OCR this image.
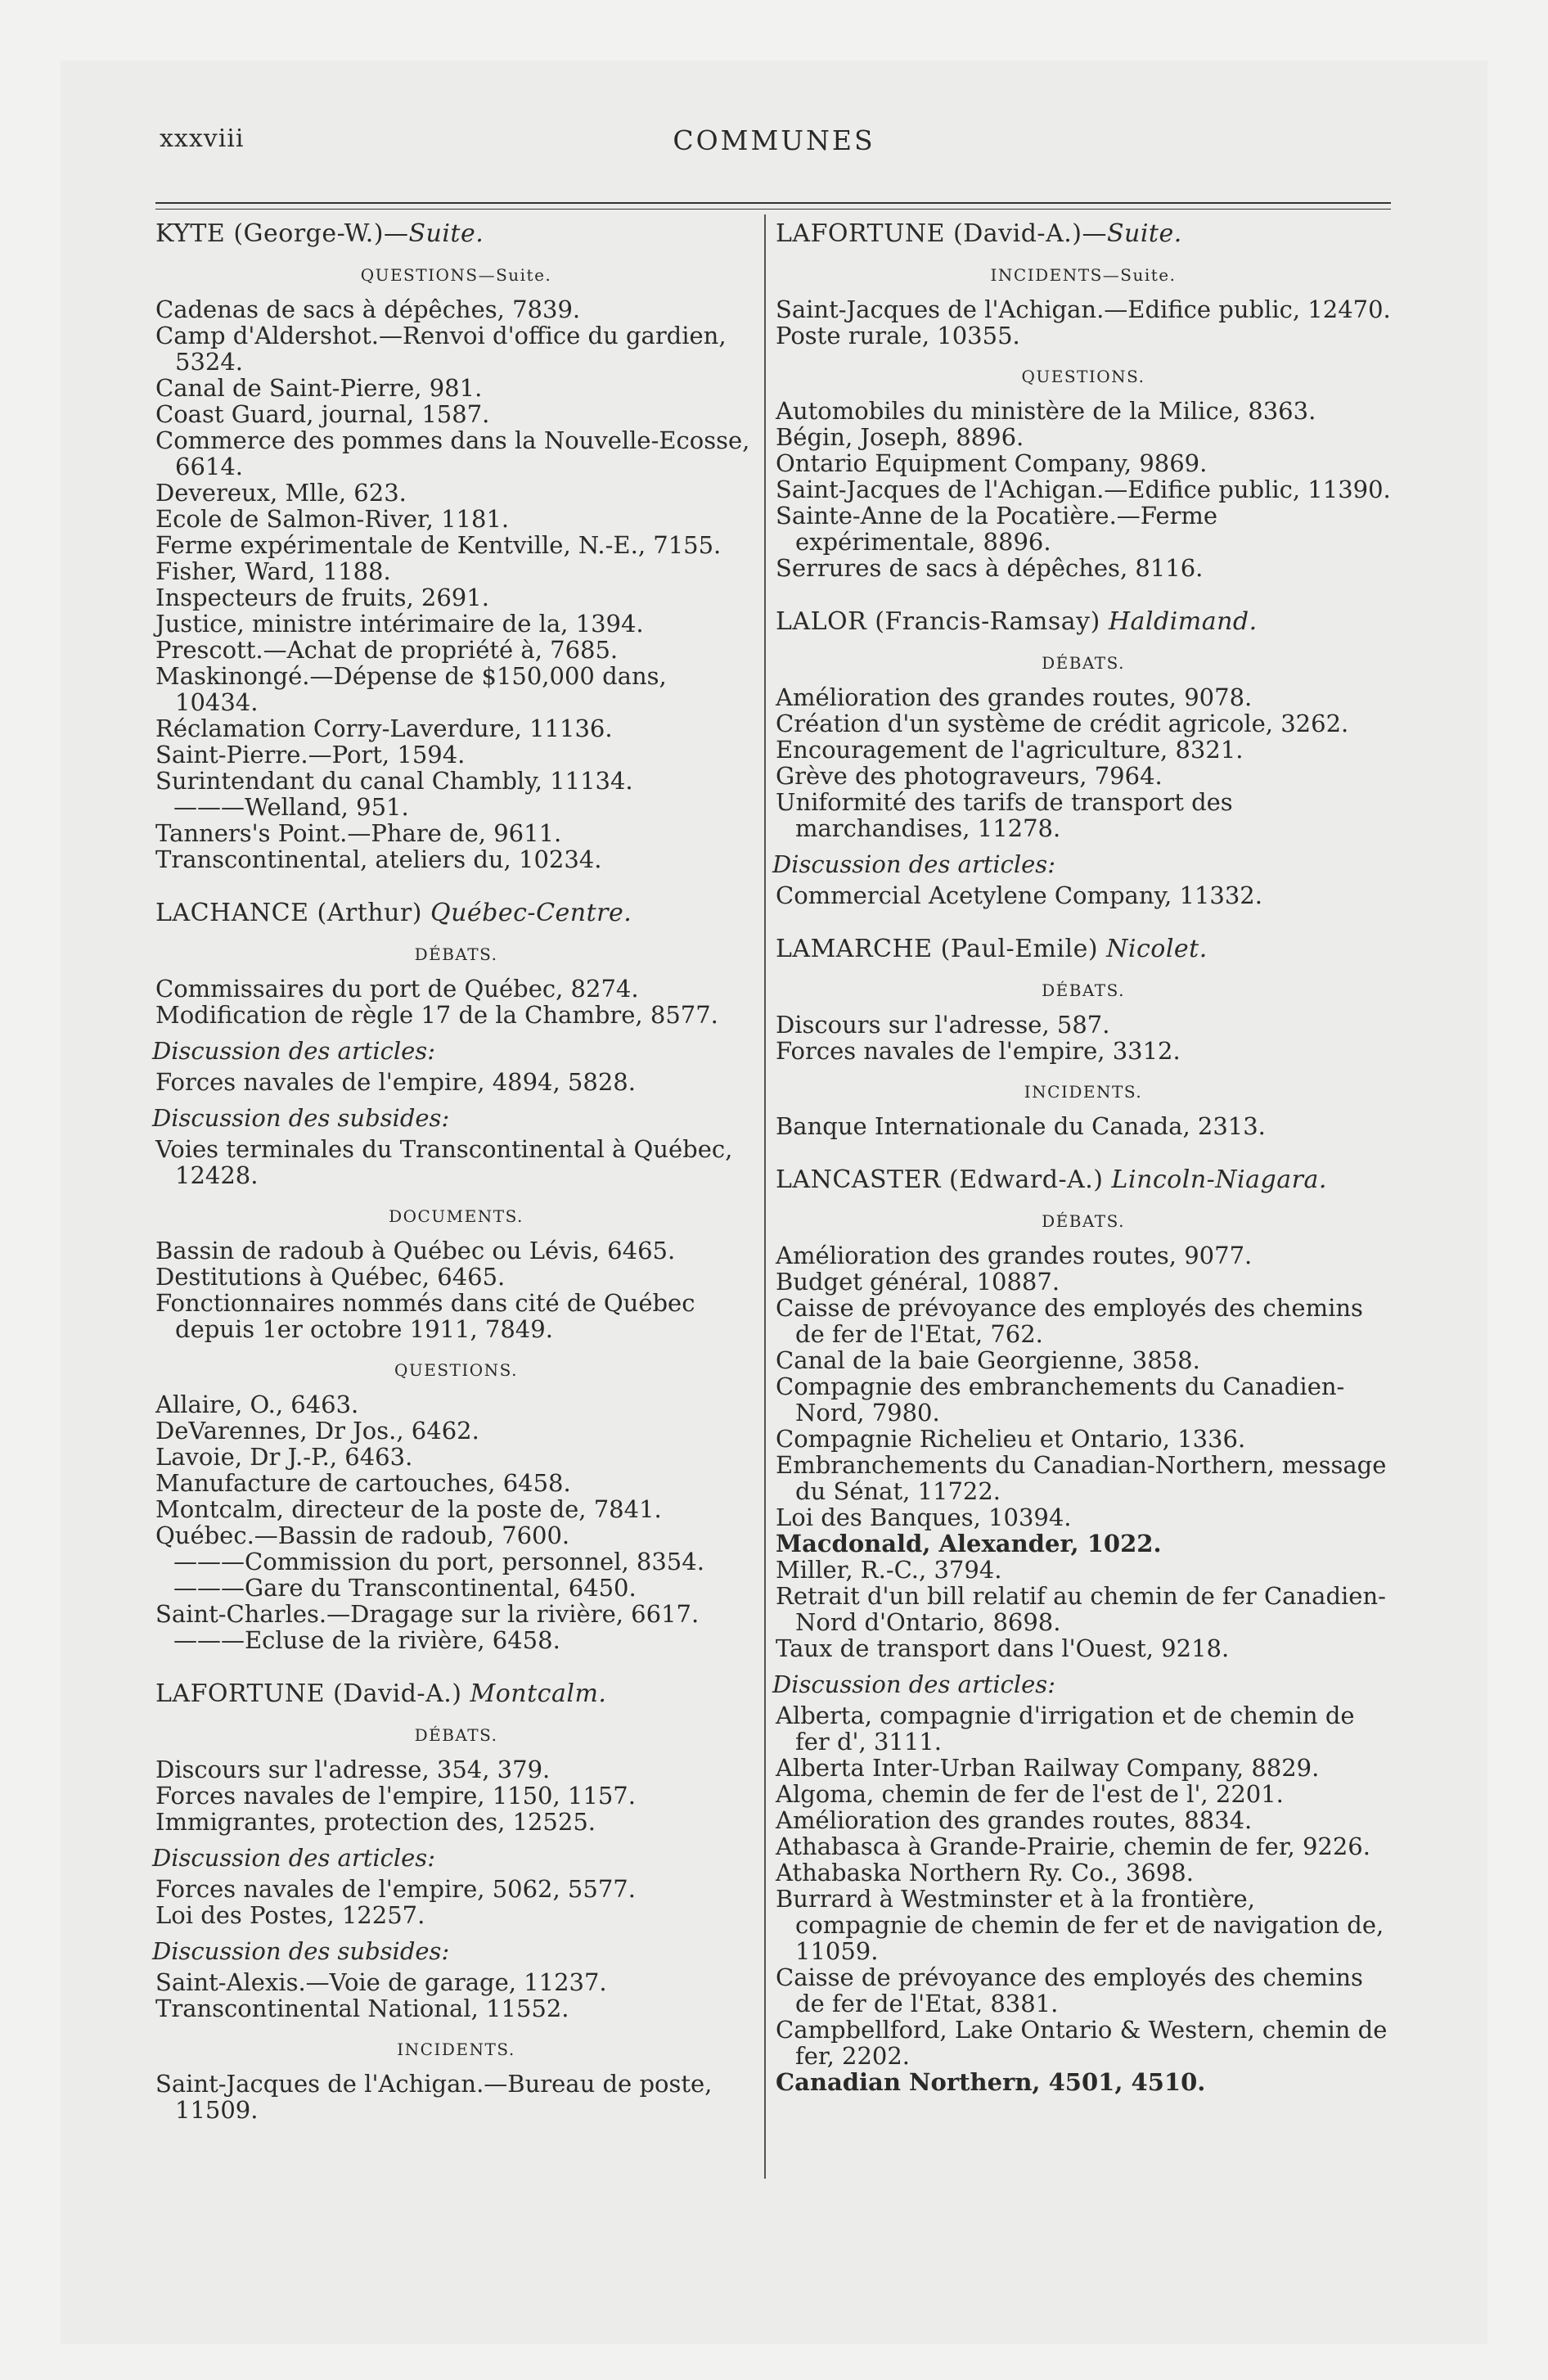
xxxviii	COMMUNES
KYTE (George-W.)—Suite.
QUESTIONS—Suite.
Cadenas de sacs à dépêches, 7839.
Camp d'Aldershot.—Renvoi d'office du gardien, 5324.
Canal de Saint-Pierre, 981.
Coast Guard, journal, 1587.
Commerce des pommes dans la Nouvelle-Ecosse, 6614.
Devereux, Mlle, 623.
Ecole de Salmon-River, 1181.
Ferme expérimentale de Kentville, N.-E., 7155.
Fisher, Ward, 1188.
Inspecteurs de fruits, 2691.
Justice, ministre intérimaire de la, 1394.
Prescott.—Achat de propriété à, 7685.
Maskinongé.—Dépense de $150,000 dans, 10434.
Réclamation Corry-Laverdure, 11136.
Saint-Pierre.—Port, 1594.
Surintendant du canal Chambly, 11134.
———Welland, 951.
Tanners's Point.—Phare de, 9611.
Transcontinental, ateliers du, 10234.
LACHANCE (Arthur) Québec-Centre.
DÉBATS.
Commissaires du port de Québec, 8274.
Modification de règle 17 de la Chambre, 8577.
Discussion des articles:
Forces navales de l'empire, 4894, 5828.
Discussion des subsides:
Voies terminales du Transcontinental à Québec, 12428.
DOCUMENTS.
Bassin de radoub à Québec ou Lévis, 6465.
Destitutions à Québec, 6465.
Fonctionnaires nommés dans cité de Québec depuis 1er octobre 1911, 7849.
QUESTIONS.
Allaire, O., 6463.
DeVarennes, Dr Jos., 6462.
Lavoie, Dr J.-P., 6463.
Manufacture de cartouches, 6458.
Montcalm, directeur de la poste de, 7841.
Québec.—Bassin de radoub, 7600.
———Commission du port, personnel, 8354.
———Gare du Transcontinental, 6450.
Saint-Charles.—Dragage sur la rivière, 6617.
———Ecluse de la rivière, 6458.
LAFORTUNE (David-A.) Montcalm.
DÉBATS.
Discours sur l'adresse, 354, 379.
Forces navales de l'empire, 1150, 1157.
Immigrantes, protection des, 12525.
Discussion des articles:
Forces navales de l'empire, 5062, 5577.
Loi des Postes, 12257.
Discussion des subsides:
Saint-Alexis.—Voie de garage, 11237.
Transcontinental National, 11552.
INCIDENTS.
Saint-Jacques de l'Achigan.—Bureau de poste, 11509.
LAFORTUNE (David-A.)—Suite.
INCIDENTS—Suite.
Saint-Jacques de l'Achigan.—Edifice public, 12470.
Poste rurale, 10355.
QUESTIONS.
Automobiles du ministère de la Milice, 8363.
Bégin, Joseph, 8896.
Ontario Equipment Company, 9869.
Saint-Jacques de l'Achigan.—Edifice public, 11390.
Sainte-Anne de la Pocatière.—Ferme expérimentale, 8896.
Serrures de sacs à dépêches, 8116.
LALOR (Francis-Ramsay) Haldimand.
DÉBATS.
Amélioration des grandes routes, 9078.
Création d'un système de crédit agricole, 3262.
Encouragement de l'agriculture, 8321.
Grève des photograveurs, 7964.
Uniformité des tarifs de transport des marchandises, 11278.
Discussion des articles:
Commercial Acetylene Company, 11332.
LAMARCHE (Paul-Emile) Nicolet.
DÉBATS.
Discours sur l'adresse, 587.
Forces navales de l'empire, 3312.
INCIDENTS.
Banque Internationale du Canada, 2313.
LANCASTER (Edward-A.) Lincoln-Niagara.
DÉBATS.
Amélioration des grandes routes, 9077.
Budget général, 10887.
Caisse de prévoyance des employés des chemins de fer de l'Etat, 762.
Canal de la baie Georgienne, 3858.
Compagnie des embranchements du Canadien-Nord, 7980.
Compagnie Richelieu et Ontario, 1336.
Embranchements du Canadian-Northern, message du Sénat, 11722.
Loi des Banques, 10394.
Macdonald, Alexander, 1022.
Miller, R.-C., 3794.
Retrait d'un bill relatif au chemin de fer Canadien-Nord d'Ontario, 8698.
Taux de transport dans l'Ouest, 9218.
Discussion des articles:
Alberta, compagnie d'irrigation et de chemin de fer d', 3111.
Alberta Inter-Urban Railway Company, 8829.
Algoma, chemin de fer de l'est de l', 2201.
Amélioration des grandes routes, 8834.
Athabasca à Grande-Prairie, chemin de fer, 9226.
Athabaska Northern Ry. Co., 3698.
Burrard à Westminster et à la frontière, compagnie de chemin de fer et de navigation de, 11059.
Caisse de prévoyance des employés des chemins de fer de l'Etat, 8381.
Campbellford, Lake Ontario & Western, chemin de fer, 2202.
Canadian Northern, 4501, 4510.
